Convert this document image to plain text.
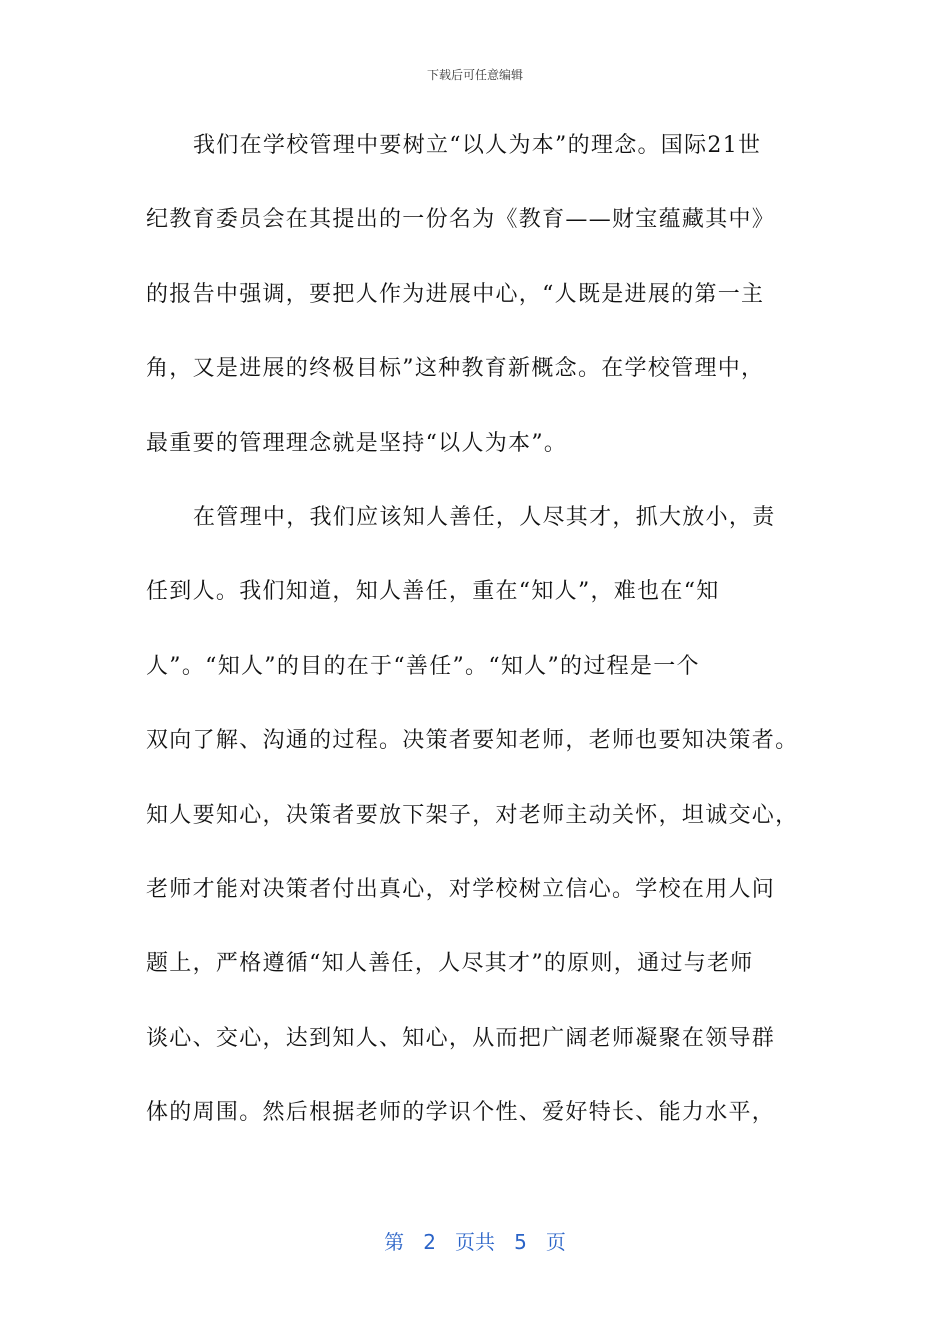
下载后可任意编辑
我们在学校管理中要树立“以人为本”的理念。国际21世
纪教育委员会在其提出的一份名为《教育——财宝蕴藏其中》
的报告中强调，要把人作为进展中心，“人既是进展的第一主
角，又是进展的终极目标”这种教育新概念。在学校管理中，
最重要的管理理念就是坚持“以人为本”。
在管理中，我们应该知人善任，人尽其才，抓大放小，责
任到人。我们知道，知人善任，重在“知人”，难也在“知
人”。“知人”的目的在于“善任”。“知人”的过程是一个
双向了解、沟通的过程。决策者要知老师，老师也要知决策者。
知人要知心，决策者要放下架子，对老师主动关怀，坦诚交心，
老师才能对决策者付出真心，对学校树立信心。学校在用人问
题上，严格遵循“知人善任，人尽其才”的原则，通过与老师
谈心、交心，达到知人、知心，从而把广阔老师凝聚在领导群
体的周围。然后根据老师的学识个性、爱好特长、能力水平，
第 2 页共 5 页
